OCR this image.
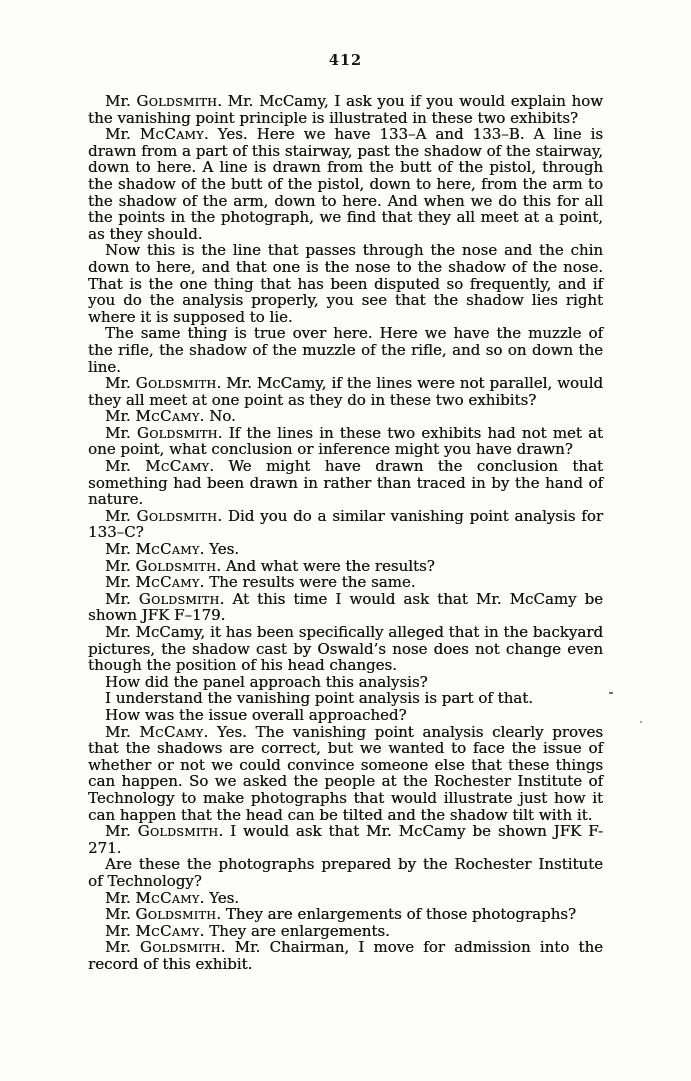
412

Mr. Goldsmith. Mr. McCamy, I ask you if you would explain how the vanishing point principle is illustrated in these two exhibits?

Mr. McCamy. Yes. Here we have 133–A and 133–B. A line is drawn from a part of this stairway, past the shadow of the stairway, down to here. A line is drawn from the butt of the pistol, through the shadow of the butt of the pistol, down to here, from the arm to the shadow of the arm, down to here. And when we do this for all the points in the photograph, we find that they all meet at a point, as they should.

Now this is the line that passes through the nose and the chin down to here, and that one is the nose to the shadow of the nose. That is the one thing that has been disputed so frequently, and if you do the analysis properly, you see that the shadow lies right where it is supposed to lie.

The same thing is true over here. Here we have the muzzle of the rifle, the shadow of the muzzle of the rifle, and so on down the line.

Mr. Goldsmith. Mr. McCamy, if the lines were not parallel, would they all meet at one point as they do in these two exhibits?

Mr. McCamy. No.

Mr. Goldsmith. If the lines in these two exhibits had not met at one point, what conclusion or inference might you have drawn?

Mr. McCamy. We might have drawn the conclusion that something had been drawn in rather than traced in by the hand of nature.

Mr. Goldsmith. Did you do a similar vanishing point analysis for 133–C?

Mr. McCamy. Yes.

Mr. Goldsmith. And what were the results?

Mr. McCamy. The results were the same.

Mr. Goldsmith. At this time I would ask that Mr. McCamy be shown JFK F–179.

Mr. McCamy, it has been specifically alleged that in the backyard pictures, the shadow cast by Oswald’s nose does not change even though the position of his head changes.

How did the panel approach this analysis?

I understand the vanishing point analysis is part of that.

How was the issue overall approached?

Mr. McCamy. Yes. The vanishing point analysis clearly proves that the shadows are correct, but we wanted to face the issue of whether or not we could convince someone else that these things can happen. So we asked the people at the Rochester Institute of Technology to make photographs that would illustrate just how it can happen that the head can be tilted and the shadow tilt with it.

Mr. Goldsmith. I would ask that Mr. McCamy be shown JFK F-271.

Are these the photographs prepared by the Rochester Institute of Technology?

Mr. McCamy. Yes.

Mr. Goldsmith. They are enlargements of those photographs?

Mr. McCamy. They are enlargements.

Mr. Goldsmith. Mr. Chairman, I move for admission into the record of this exhibit.
